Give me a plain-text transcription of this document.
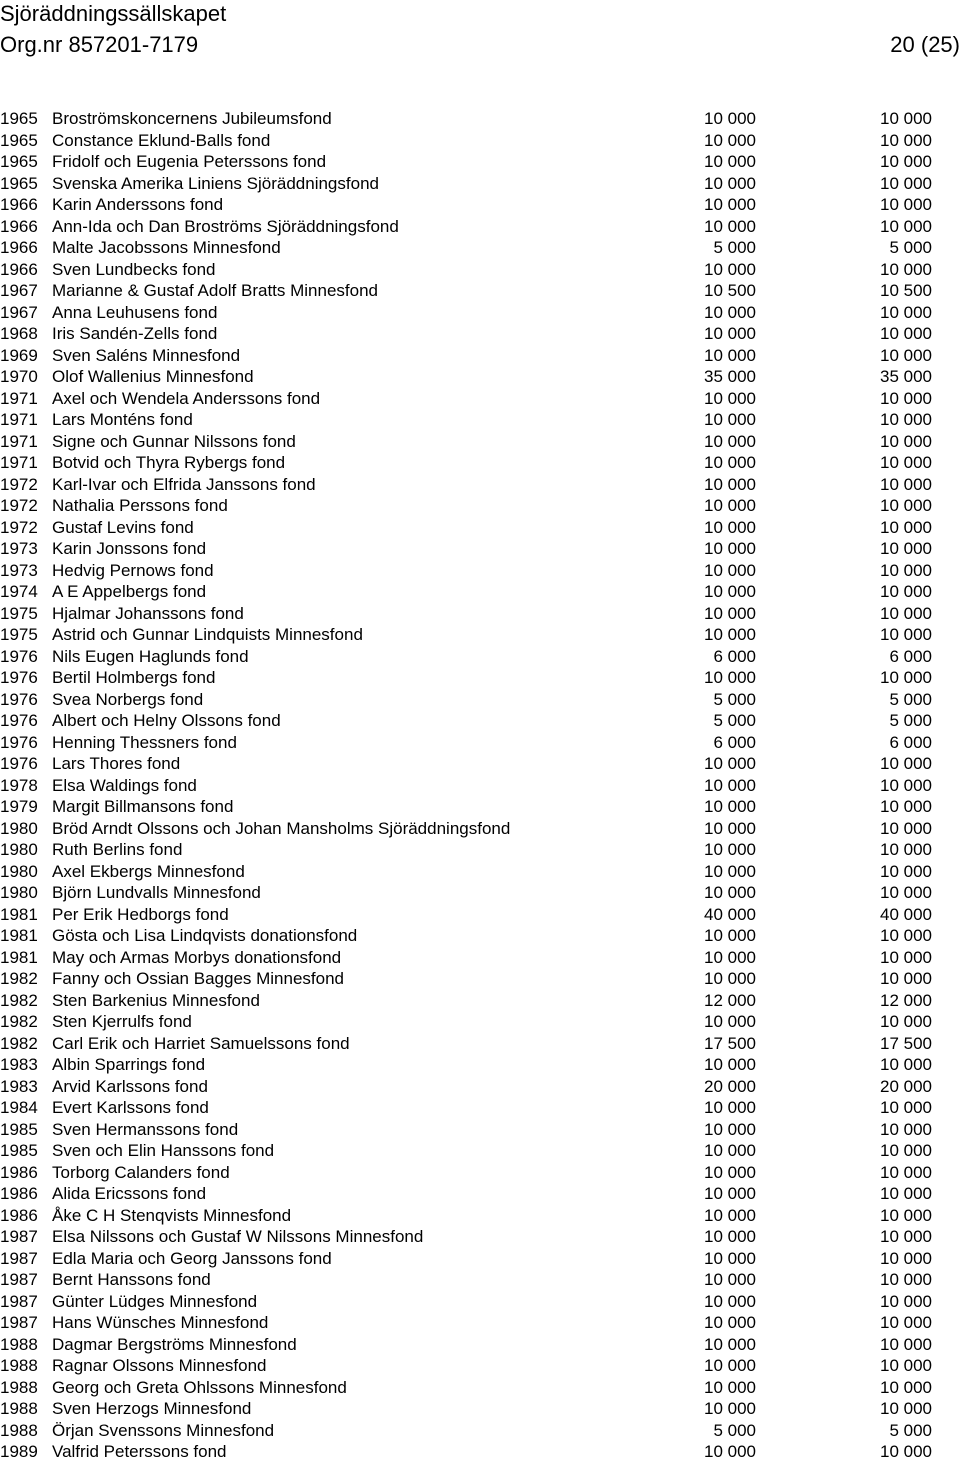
Sjöräddningssällskapet
Org.nr 857201-7179	20 (25)
1965 Broströmskoncernens Jubileumsfond	10 000	10 000
1965 Constance Eklund-Balls fond	10 000	10 000
1965 Fridolf och Eugenia Peterssons fond	10 000	10 000
1965 Svenska Amerika Liniens Sjöräddningsfond	10 000	10 000
1966 Karin Anderssons fond	10 000	10 000
1966 Ann-Ida och Dan Broströms Sjöräddningsfond	10 000	10 000
1966 Malte Jacobssons Minnesfond	5 000	5 000
1966 Sven Lundbecks fond	10 000	10 000
1967 Marianne & Gustaf Adolf Bratts Minnesfond	10 500	10 500
1967 Anna Leuhusens fond	10 000	10 000
1968 Iris Sandén-Zells fond	10 000	10 000
1969 Sven Saléns Minnesfond	10 000	10 000
1970 Olof Wallenius Minnesfond	35 000	35 000
1971 Axel och Wendela Anderssons fond	10 000	10 000
1971 Lars Monténs fond	10 000	10 000
1971 Signe och Gunnar Nilssons fond	10 000	10 000
1971 Botvid och Thyra Rybergs fond	10 000	10 000
1972 Karl-Ivar och Elfrida Janssons fond	10 000	10 000
1972 Nathalia Perssons fond	10 000	10 000
1972 Gustaf Levins fond	10 000	10 000
1973 Karin Jonssons fond	10 000	10 000
1973 Hedvig Pernows fond	10 000	10 000
1974 A E Appelbergs fond	10 000	10 000
1975 Hjalmar Johanssons fond	10 000	10 000
1975 Astrid och Gunnar Lindquists Minnesfond	10 000	10 000
1976 Nils Eugen Haglunds fond	6 000	6 000
1976 Bertil Holmbergs fond	10 000	10 000
1976 Svea Norbergs fond	5 000	5 000
1976 Albert och Helny Olssons fond	5 000	5 000
1976 Henning Thessners fond	6 000	6 000
1976 Lars Thores fond	10 000	10 000
1978 Elsa Waldings fond	10 000	10 000
1979 Margit Billmansons fond	10 000	10 000
1980 Bröd Arndt Olssons och Johan Mansholms Sjöräddningsfond	10 000	10 000
1980 Ruth Berlins fond	10 000	10 000
1980 Axel Ekbergs Minnesfond	10 000	10 000
1980 Björn Lundvalls Minnesfond	10 000	10 000
1981 Per Erik Hedborgs fond	40 000	40 000
1981 Gösta och Lisa Lindqvists donationsfond	10 000	10 000
1981 May och Armas Morbys donationsfond	10 000	10 000
1982 Fanny och Ossian Bagges Minnesfond	10 000	10 000
1982 Sten Barkenius Minnesfond	12 000	12 000
1982 Sten Kjerrulfs fond	10 000	10 000
1982 Carl Erik och Harriet Samuelssons fond	17 500	17 500
1983 Albin Sparrings fond	10 000	10 000
1983 Arvid Karlssons fond	20 000	20 000
1984 Evert Karlssons fond	10 000	10 000
1985 Sven Hermanssons fond	10 000	10 000
1985 Sven och Elin Hanssons fond	10 000	10 000
1986 Torborg Calanders fond	10 000	10 000
1986 Alida Ericssons fond	10 000	10 000
1986 Åke C H Stenqvists Minnesfond	10 000	10 000
1987 Elsa Nilssons och Gustaf W Nilssons Minnesfond	10 000	10 000
1987 Edla Maria och Georg Janssons fond	10 000	10 000
1987 Bernt Hanssons fond	10 000	10 000
1987 Günter Lüdges Minnesfond	10 000	10 000
1987 Hans Wünsches Minnesfond	10 000	10 000
1988 Dagmar Bergströms Minnesfond	10 000	10 000
1988 Ragnar Olssons Minnesfond	10 000	10 000
1988 Georg och Greta Ohlssons Minnesfond	10 000	10 000
1988 Sven Herzogs Minnesfond	10 000	10 000
1988 Örjan Svenssons Minnesfond	5 000	5 000
1989 Valfrid Peterssons fond	10 000	10 000
